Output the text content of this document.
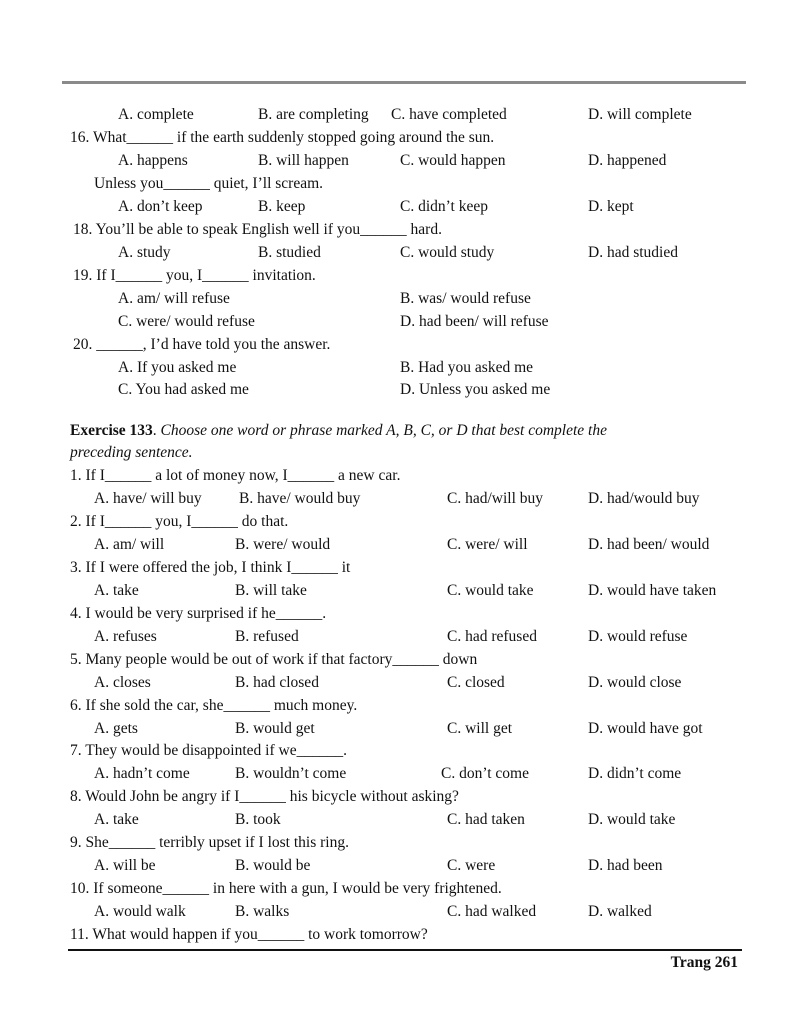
A. complete	B. are completing C. have completed	D. will complete
16. What______ if the earth suddenly stopped going around the sun.
A. happens	B. will happen	C. would happen	D. happened
Unless you______ quiet, I’ll scream.
A. don’t keep	B. keep	C. didn’t keep	D. kept
18. You’ll be able to speak English well if you______ hard.
A. study	B. studied	C. would study	D. had studied
19. If I______ you, I______ invitation.
A. am/ will refuse	B. was/ would refuse
C. were/ would refuse	D. had been/ will refuse
20. ______, I’d have told you the answer.
A. If you asked me	B. Had you asked me
C. You had asked me	D. Unless you asked me
Exercise 133. Choose one word or phrase marked A, B, C, or D that best complete the
preceding sentence.
1. If I______ a lot of money now, I______ a new car.
A. have/ will buy B. have/ would buy	C. had/will buy	D. had/would buy
2. If I______ you, I______ do that.
A. am/ will	B. were/ would	C. were/ will	D. had been/ would
3. If I were offered the job, I think I______ it
A. take	B. will take	C. would take	D. would have taken
4. I would be very surprised if he______.
A. refuses	B. refused	C. had refused	D. would refuse
5. Many people would be out of work if that factory______ down
A. closes	B. had closed	C. closed	D. would close
6. If she sold the car, she______ much money.
A. gets	B. would get	C. will get	D. would have got
7. They would be disappointed if we______.
A. hadn’t come	B. wouldn’t come	C. don’t come	D. didn’t come
8. Would John be angry if I______ his bicycle without asking?
A. take	B. took	C. had taken	D. would take
9. She______ terribly upset if I lost this ring.
A. will be	B. would be	C. were	D. had been
10. If someone______ in here with a gun, I would be very frightened.
A. would walk	B. walks	C. had walked	D. walked
11. What would happen if you______ to work tomorrow?
Trang 261
